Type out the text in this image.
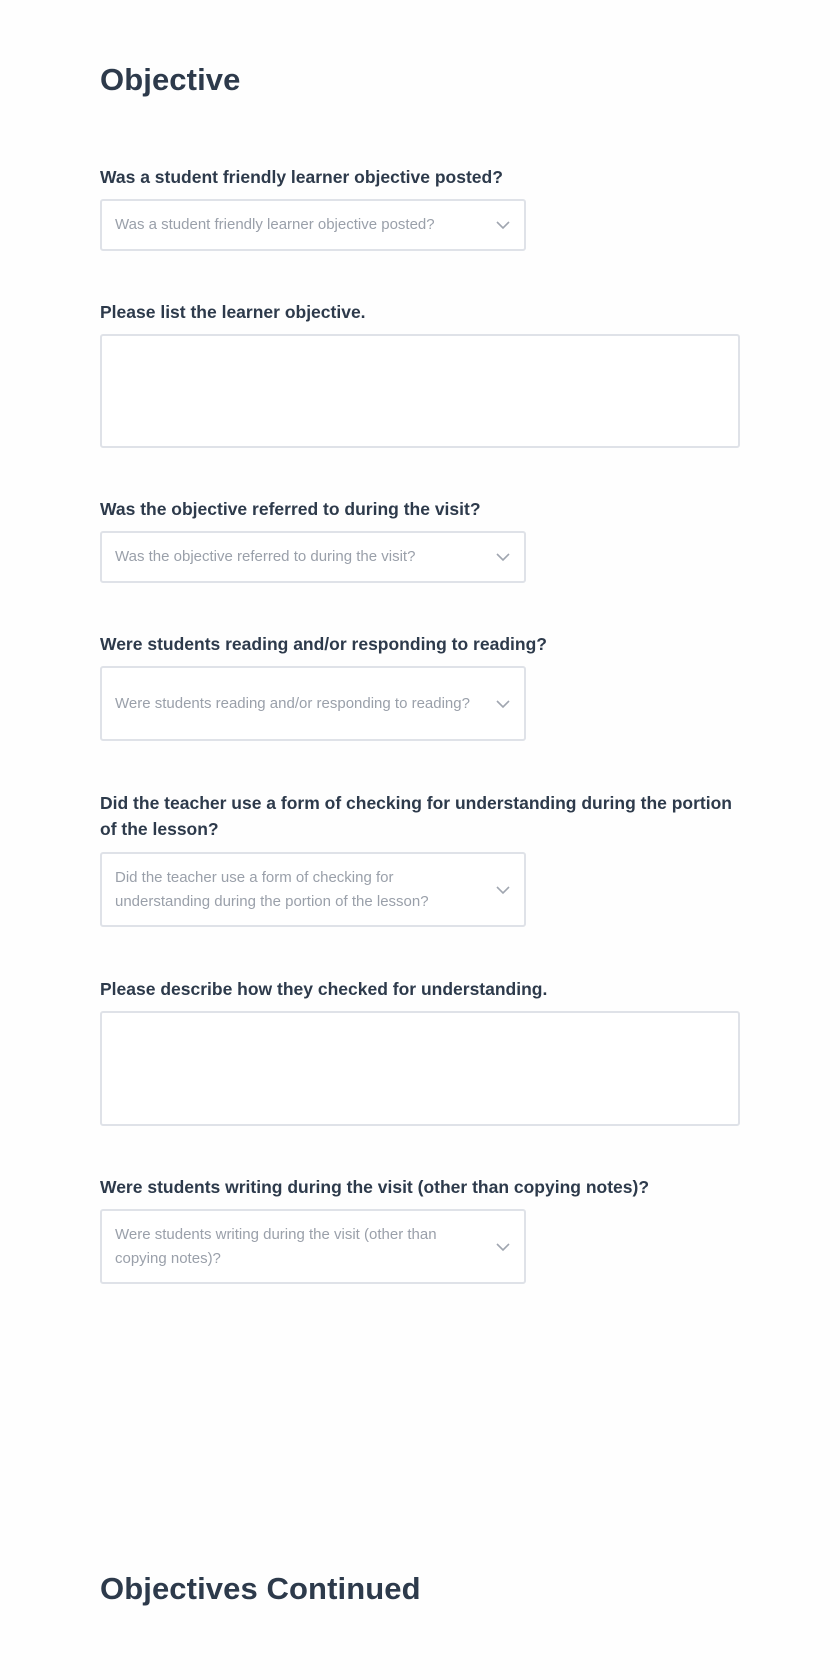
Objective
Was a student friendly learner objective posted?
Was a student friendly learner objective posted?
Please list the learner objective.
Was the objective referred to during the visit?
Was the objective referred to during the visit?
Were students reading and/or responding to reading?
Were students reading and/or responding to reading?
Did the teacher use a form of checking for understanding during the portion of the lesson?
Did the teacher use a form of checking for understanding during the portion of the lesson?
Please describe how they checked for understanding.
Were students writing during the visit (other than copying notes)?
Were students writing during the visit (other than copying notes)?
Objectives Continued
